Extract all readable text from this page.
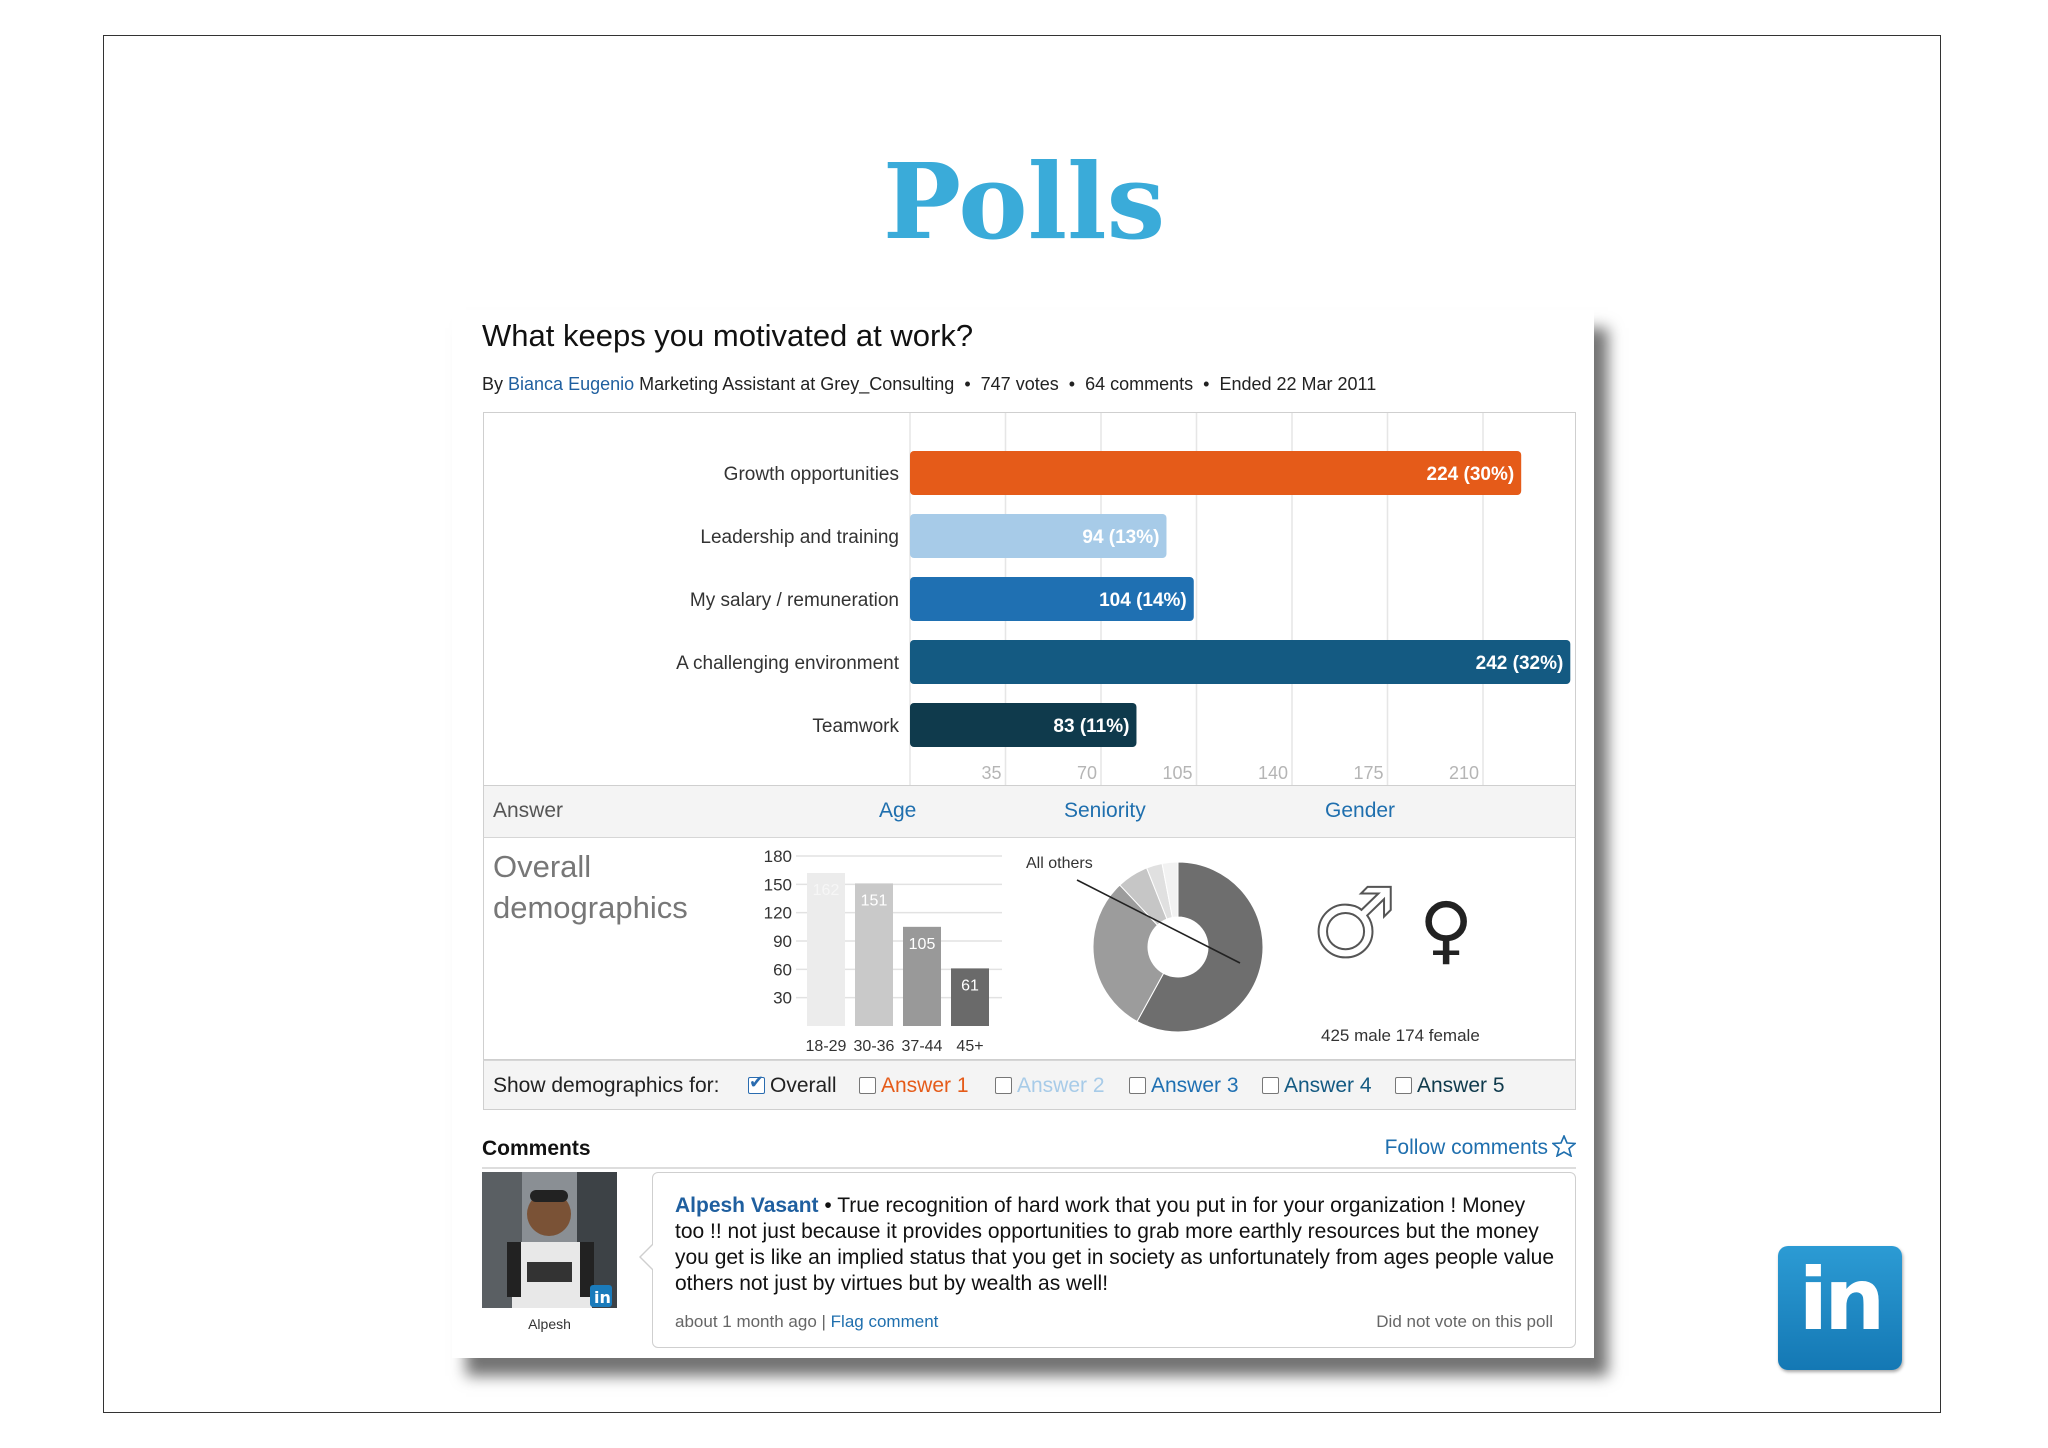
Polls
What keeps you motivated at work?
By Bianca Eugenio Marketing Assistant at Grey_Consulting • 747 votes • 64 comments • Ended 22 Mar 2011
35	70	105	140	175	210
Growth opportunities	224 (30%)
Leadership and training	94 (13%)
My salary / remuneration	104 (14%)
A challenging environment	242 (32%)
Teamwork	83 (11%)
Answer	Age	Seniority	Gender
Overall demographics
180
150
120
90
60
30
162
18-29
151
30-36
105
37-44
61
45+
All others
♂ ♀
425 male 174 female
Show demographics for:
✔	Overall	Answer 1	Answer 2	Answer 3	Answer 4	Answer 5
Comments	Follow comments
in
Alpesh
Alpesh Vasant • True recognition of hard work that you put in for your organization ! Money too !! not just because it provides opportunities to grab more earthly resources but the money you get is like an implied status that you get in society as unfortunately from ages people value others not just by virtues but by wealth as well!
about 1 month ago | Flag comment	Did not vote on this poll	in
